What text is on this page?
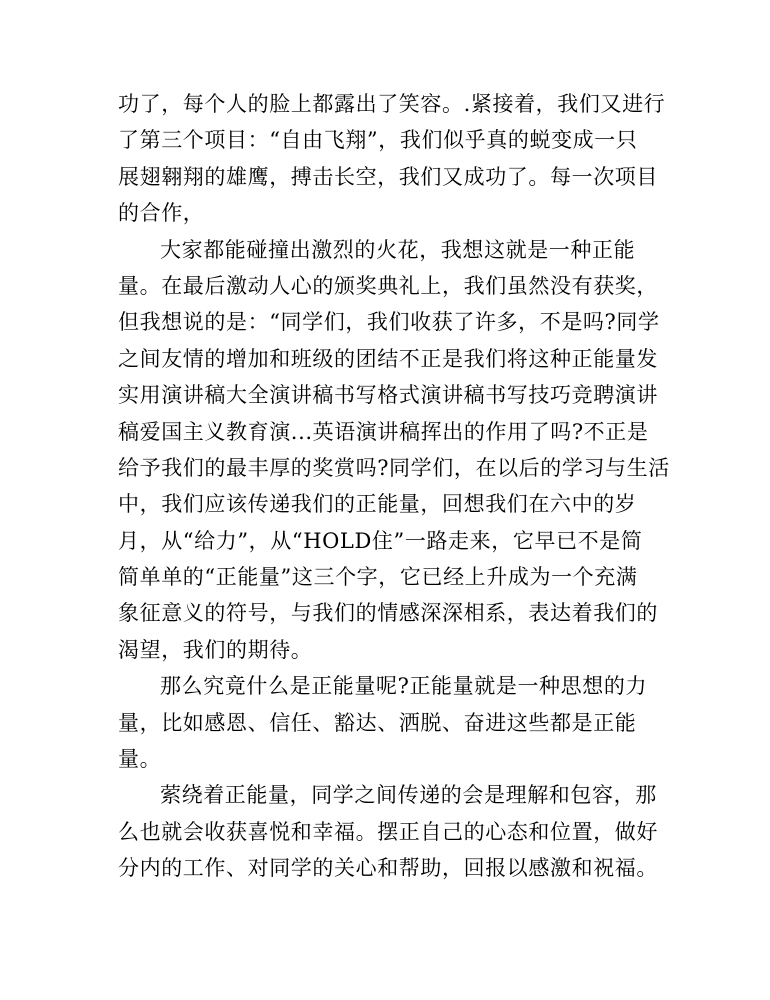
功了，每个人的脸上都露出了笑容。.紧接着，我们又进行
了第三个项目：“自由飞翔”，我们似乎真的蜕变成一只
展翅翱翔的雄鹰，搏击长空，我们又成功了。每一次项目
的合作，
大家都能碰撞出激烈的火花，我想这就是一种正能
量。在最后激动人心的颁奖典礼上，我们虽然没有获奖，
但我想说的是：“同学们，我们收获了许多，不是吗?同学
之间友情的增加和班级的团结不正是我们将这种正能量发
实用演讲稿大全演讲稿书写格式演讲稿书写技巧竞聘演讲
稿爱国主义教育演...英语演讲稿挥出的作用了吗?不正是
给予我们的最丰厚的奖赏吗?同学们，在以后的学习与生活
中，我们应该传递我们的正能量，回想我们在六中的岁
月，从“给力”，从“HOLD住”一路走来，它早已不是简
简单单的“正能量”这三个字，它已经上升成为一个充满
象征意义的符号，与我们的情感深深相系，表达着我们的
渴望，我们的期待。
那么究竟什么是正能量呢?正能量就是一种思想的力
量，比如感恩、信任、豁达、洒脱、奋进这些都是正能
量。
萦绕着正能量，同学之间传递的会是理解和包容，那
么也就会收获喜悦和幸福。摆正自己的心态和位置，做好
分内的工作、对同学的关心和帮助，回报以感激和祝福。
